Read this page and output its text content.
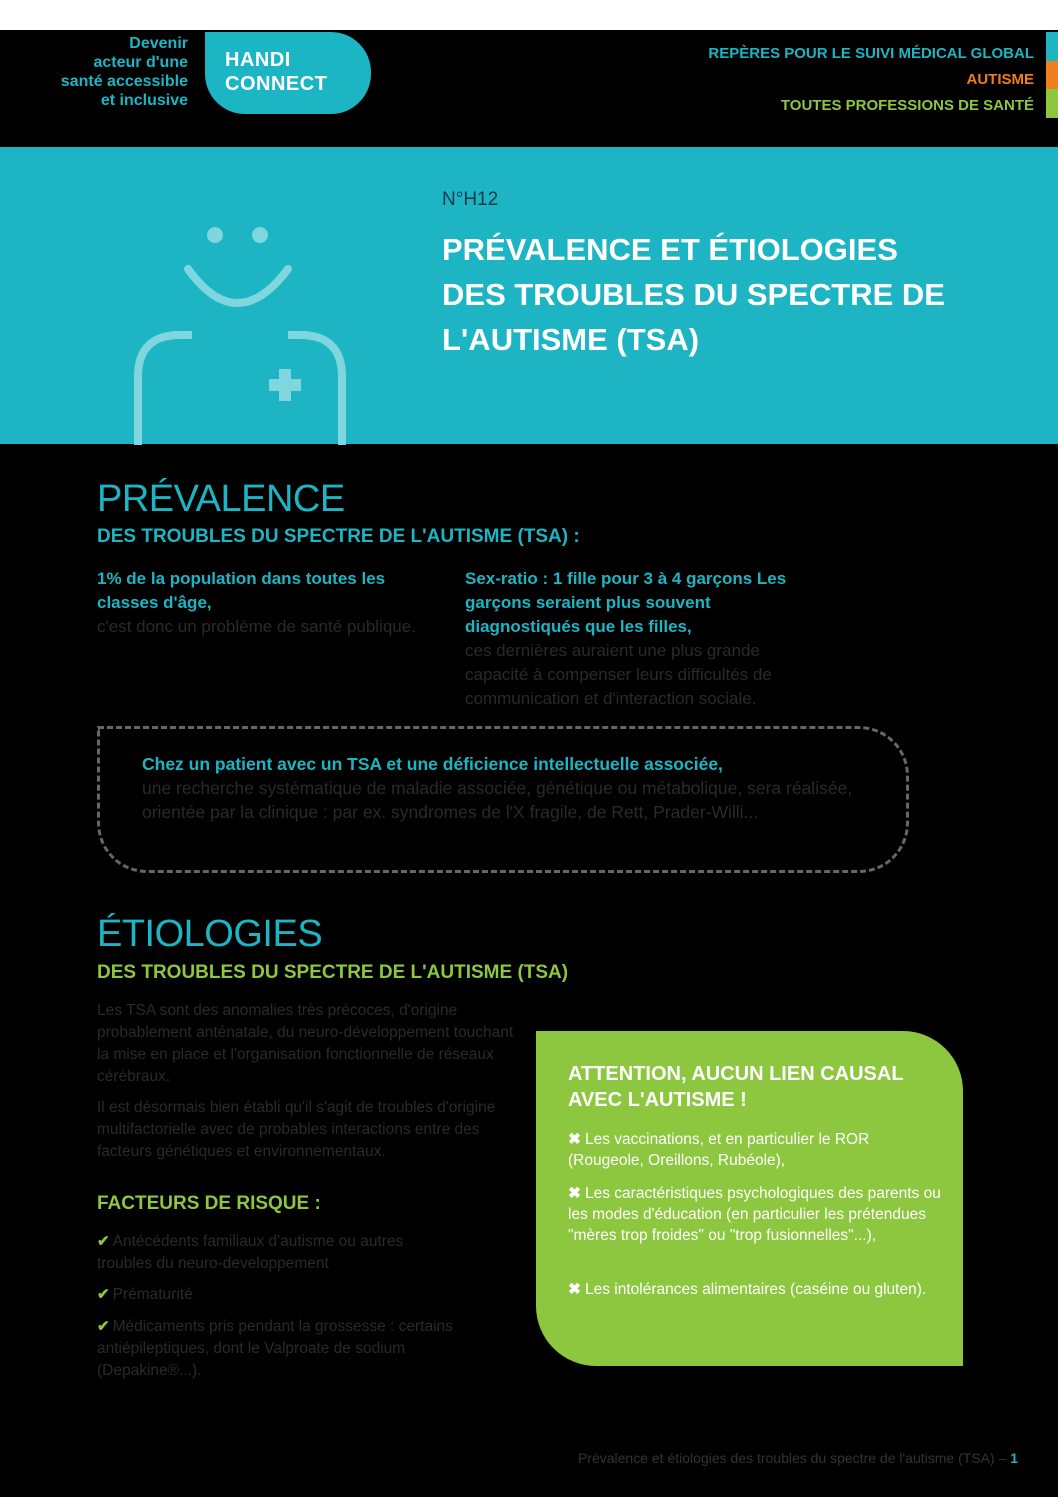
Devenir
acteur d'une
santé accessible
et inclusive
HANDI
CONNECT
REPÈRES POUR LE SUIVI MÉDICAL GLOBAL
AUTISME
TOUTES PROFESSIONS DE SANTÉ
N°H12
PRÉVALENCE ET ÉTIOLOGIES DES TROUBLES DU SPECTRE DE L'AUTISME (TSA)
PRÉVALENCE
DES TROUBLES DU SPECTRE DE L'AUTISME (TSA) :
1% de la population dans toutes les classes d'âge,
c'est donc un problème de santé publique.
Sex-ratio : 1 fille pour 3 à 4 garçons Les garçons seraient plus souvent diagnostiqués que les filles,
ces dernières auraient une plus grande capacité à compenser leurs difficultés de communication et d'interaction sociale.
Chez un patient avec un TSA et une déficience intellectuelle associée,
une recherche systématique de maladie associée, génétique ou métabolique, sera réalisée, orientée par la clinique : par ex. syndromes de l'X fragile, de Rett, Prader-Willi...
ÉTIOLOGIES
DES TROUBLES DU SPECTRE DE L'AUTISME (TSA)
Les TSA sont des anomalies très précoces, d'origine probablement anténatale, du neuro-développement touchant la mise en place et l'organisation fonctionnelle de réseaux cérébraux.
Il est désormais bien établi qu'il s'agit de troubles d'origine multifactorielle avec de probables interactions entre des facteurs génétiques et environnementaux.
FACTEURS DE RISQUE :
✔ Antécédents familiaux d'autisme ou autres troubles du neuro-developpement
✔ Prématurité
✔ Médicaments pris pendant la grossesse : certains antiépileptiques, dont le Valproate de sodium (Depakine®...).
ATTENTION, AUCUN LIEN CAUSAL AVEC L'AUTISME !
✖ Les vaccinations, et en particulier le ROR (Rougeole, Oreillons, Rubéole),
✖ Les caractéristiques psychologiques des parents ou les modes d'éducation (en particulier les prétendues "mères trop froides" ou "trop fusionnelles"...),
✖ Les intolérances alimentaires (caséine ou gluten).
Prévalence et étiologies des troubles du spectre de l'autisme (TSA) – 1
